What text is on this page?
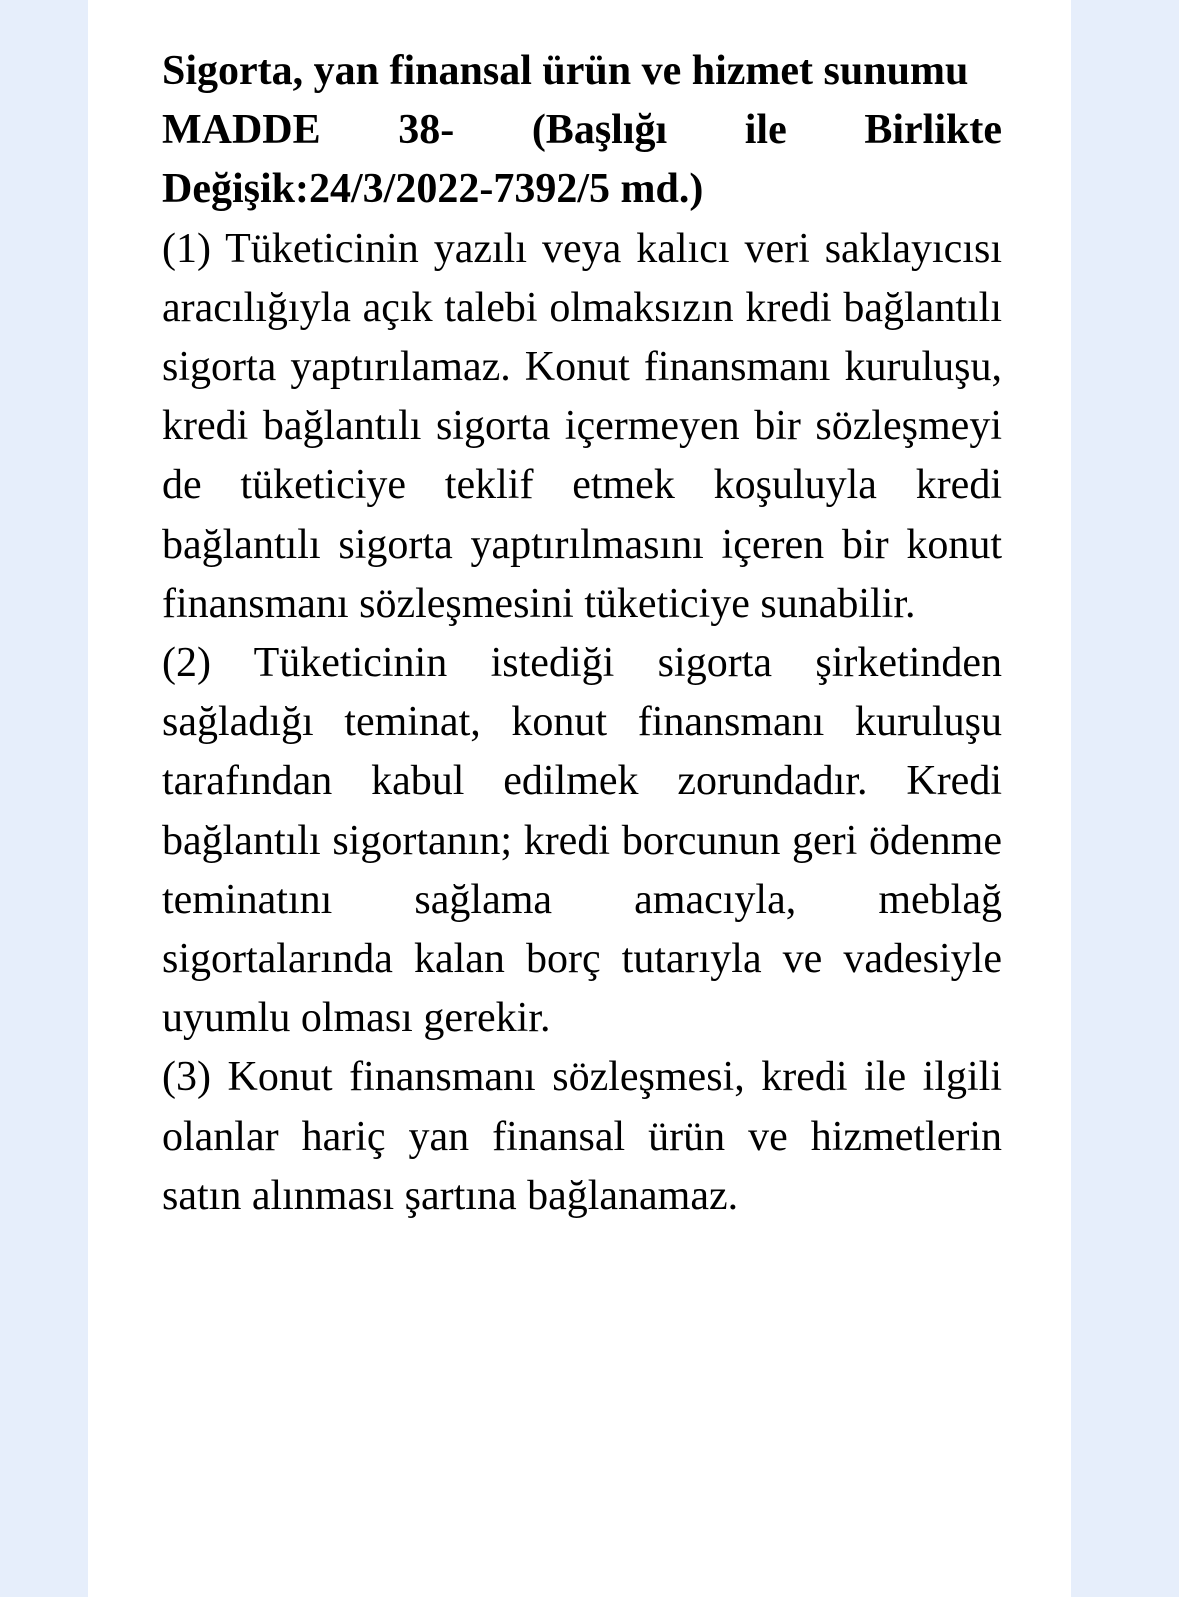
Sigorta, yan finansal ürün ve hizmet sunumu

MADDE 38- (Başlığı ile Birlikte Değişik:24/3/2022-7392/5 md.)

(1) Tüketicinin yazılı veya kalıcı veri saklayıcısı aracılığıyla açık talebi olmaksızın kredi bağlantılı sigorta yaptırılamaz. Konut finansmanı kuruluşu, kredi bağlantılı sigorta içermeyen bir sözleşmeyi de tüketiciye teklif etmek koşuluyla kredi bağlantılı sigorta yaptırılmasını içeren bir konut finansmanı sözleşmesini tüketiciye sunabilir.

(2) Tüketicinin istediği sigorta şirketinden sağladığı teminat, konut finansmanı kuruluşu tarafından kabul edilmek zorundadır. Kredi bağlantılı sigortanın; kredi borcunun geri ödenme teminatını sağlama amacıyla, meblağ sigortalarında kalan borç tutarıyla ve vadesiyle uyumlu olması gerekir.

(3) Konut finansmanı sözleşmesi, kredi ile ilgili olanlar hariç yan finansal ürün ve hizmetlerin satın alınması şartına bağlanamaz.
